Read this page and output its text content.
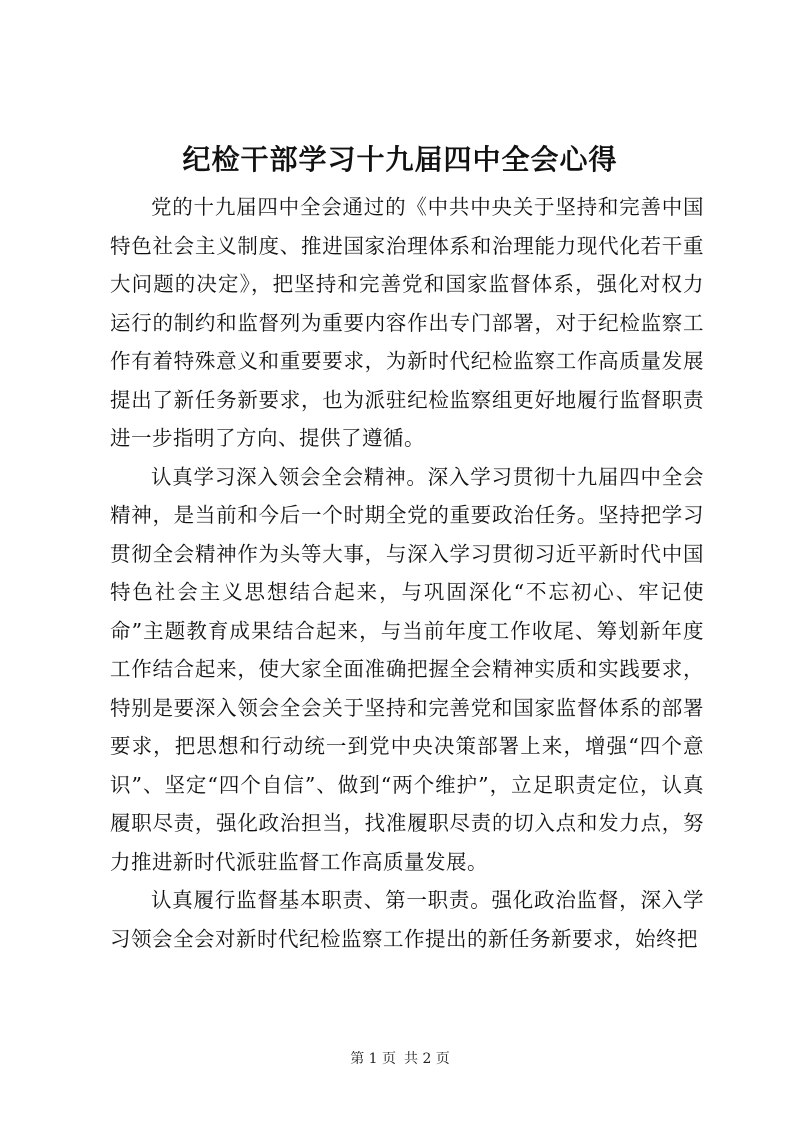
纪检干部学习十九届四中全会心得

党的十九届四中全会通过的《中共中央关于坚持和完善中国特色社会主义制度、推进国家治理体系和治理能力现代化若干重大问题的决定》，把坚持和完善党和国家监督体系，强化对权力运行的制约和监督列为重要内容作出专门部署，对于纪检监察工作有着特殊意义和重要要求，为新时代纪检监察工作高质量发展提出了新任务新要求，也为派驻纪检监察组更好地履行监督职责进一步指明了方向、提供了遵循。

认真学习深入领会全会精神。深入学习贯彻十九届四中全会精神，是当前和今后一个时期全党的重要政治任务。坚持把学习贯彻全会精神作为头等大事，与深入学习贯彻习近平新时代中国特色社会主义思想结合起来，与巩固深化“不忘初心、牢记使命”主题教育成果结合起来，与当前年度工作收尾、筹划新年度工作结合起来，使大家全面准确把握全会精神实质和实践要求，特别是要深入领会全会关于坚持和完善党和国家监督体系的部署要求，把思想和行动统一到党中央决策部署上来，增强“四个意识”、坚定“四个自信”、做到“两个维护”，立足职责定位，认真履职尽责，强化政治担当，找准履职尽责的切入点和发力点，努力推进新时代派驻监督工作高质量发展。

认真履行监督基本职责、第一职责。强化政治监督，深入学习领会全会对新时代纪检监察工作提出的新任务新要求，始终把

第 1 页 共 2 页
